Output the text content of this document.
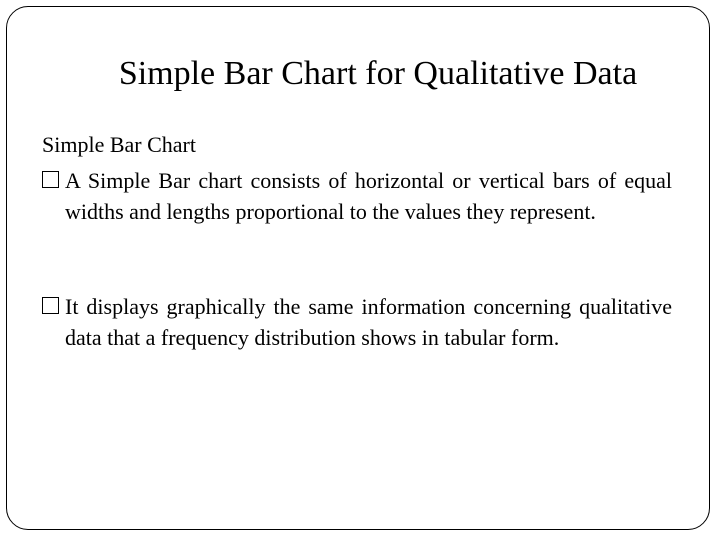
Simple Bar Chart for Qualitative Data
Simple Bar Chart
A Simple Bar chart consists of horizontal or vertical bars of equal widths and lengths proportional to the values they represent.
It displays graphically the same information concerning qualitative data that a frequency distribution shows in tabular form.
